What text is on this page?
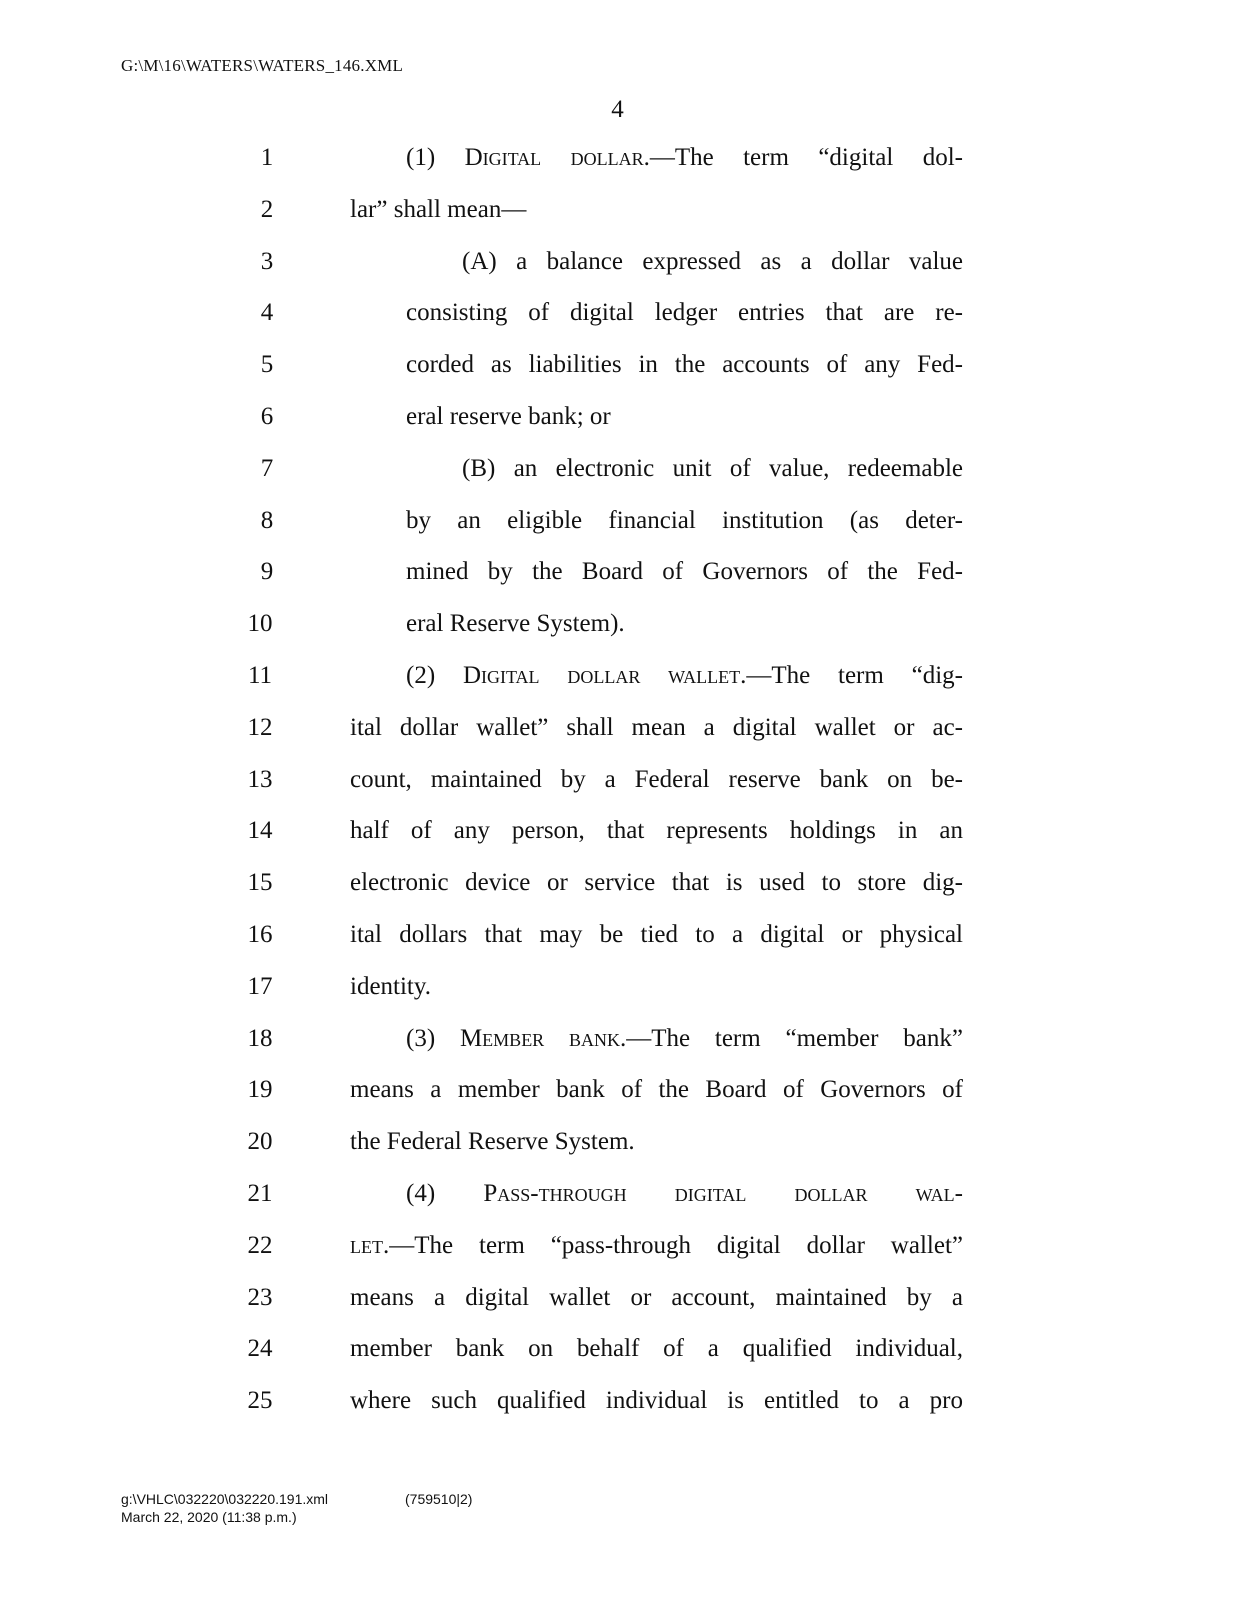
G:\M\16\WATERS\WATERS_146.XML
4
1	(1) Digital dollar.—The term “digital dol-
2	lar” shall mean—
3	(A) a balance expressed as a dollar value
4	consisting of digital ledger entries that are re-
5	corded as liabilities in the accounts of any Fed-
6	eral reserve bank; or
7	(B) an electronic unit of value, redeemable
8	by an eligible financial institution (as deter-
9	mined by the Board of Governors of the Fed-
10	eral Reserve System).
11	(2) Digital dollar wallet.—The term “dig-
12	ital dollar wallet” shall mean a digital wallet or ac-
13	count, maintained by a Federal reserve bank on be-
14	half of any person, that represents holdings in an
15	electronic device or service that is used to store dig-
16	ital dollars that may be tied to a digital or physical
17	identity.
18	(3) Member bank.—The term “member bank”
19	means a member bank of the Board of Governors of
20	the Federal Reserve System.
21	(4) Pass-through digital dollar wal-
22	let.—The term “pass-through digital dollar wallet”
23	means a digital wallet or account, maintained by a
24	member bank on behalf of a qualified individual,
25	where such qualified individual is entitled to a pro
g:\VHLC\032220\032220.191.xml	(759510|2)
March 22, 2020 (11:38 p.m.)
